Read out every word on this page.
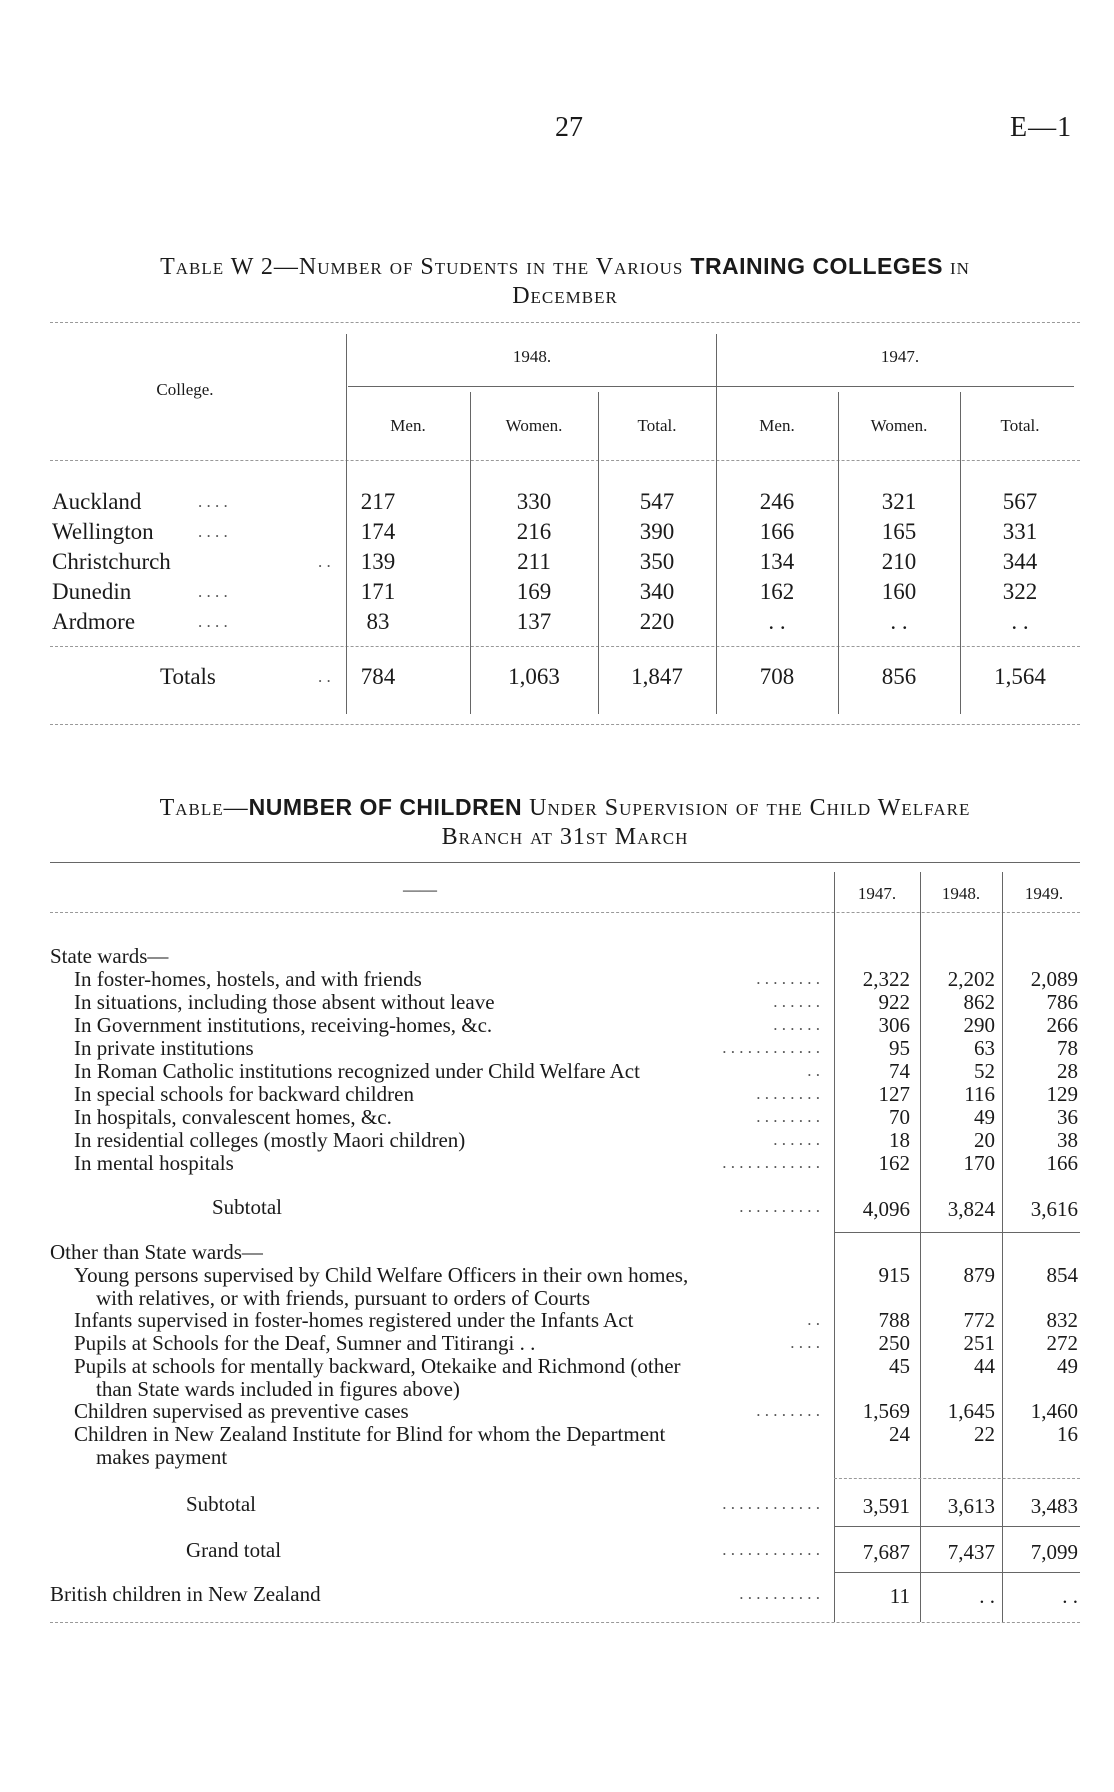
27	E—1
Table W 2—Number of Students in the Various TRAINING COLLEGES in
December
College.
1948.	1947.
Men.	Women.	Total.	Men.	Women.	Total.
Auckland	. . . .	217	330	547	246	321	567
Wellington	. . . .	174	216	390	166	165	331
Christchurch	. . 139	211	350	134	210	344
Dunedin	. . . .	171	169	340	162	160	322
Ardmore	. . . .	83	137	220	. .	. .	. .
Totals	. . 784	1,063	1,847	708	856	1,564
Table—NUMBER OF CHILDREN Under Supervision of the Child Welfare
Branch at 31st March
——	1947.	1948.	1949.
State wards—
In foster-homes, hostels, and with friends	. . . . . . . . 2,322 2,202 2,089
In situations, including those absent without leave	. . . . . .	922	862 786
In Government institutions, receiving-homes, &c.	. . . . . .	306	290 266
In private institutions	. . . . . . . . . . . .	95	63	78
In Roman Catholic institutions recognized under Child Welfare Act	. .	74	52	28
In special schools for backward children	. . . . . . . .	127	116 129
In hospitals, convalescent homes, &c.	. . . . . . . .	70	49	36
In residential colleges (mostly Maori children)	. . . . . .	18	20	38
In mental hospitals	. . . . . . . . . . . .	162	170 166
Subtotal	. . . . . . . . . . 4,096 3,824 3,616
Other than State wards—
Young persons supervised by Child Welfare Officers in their own homes,
with relatives, or with friends, pursuant to orders of Courts
915	879 854
Infants supervised in foster-homes registered under the Infants Act	. .	788	772 832
Pupils at Schools for the Deaf, Sumner and Titirangi . .	. . . .	250	251 272
Pupils at schools for mentally backward, Otekaike and Richmond (other
than State wards included in figures above)
45	44	49
Children supervised as preventive cases	. . . . . . . . 1,569 1,645 1,460
Children in New Zealand Institute for Blind for whom the Department
makes payment
24	22	16
Subtotal	. . . . . . . . . . . . 3,591 3,613 3,483
Grand total	. . . . . . . . . . . . 7,687 7,437 7,099
British children in New Zealand	. . . . . . . . . .	11	. .	. .
